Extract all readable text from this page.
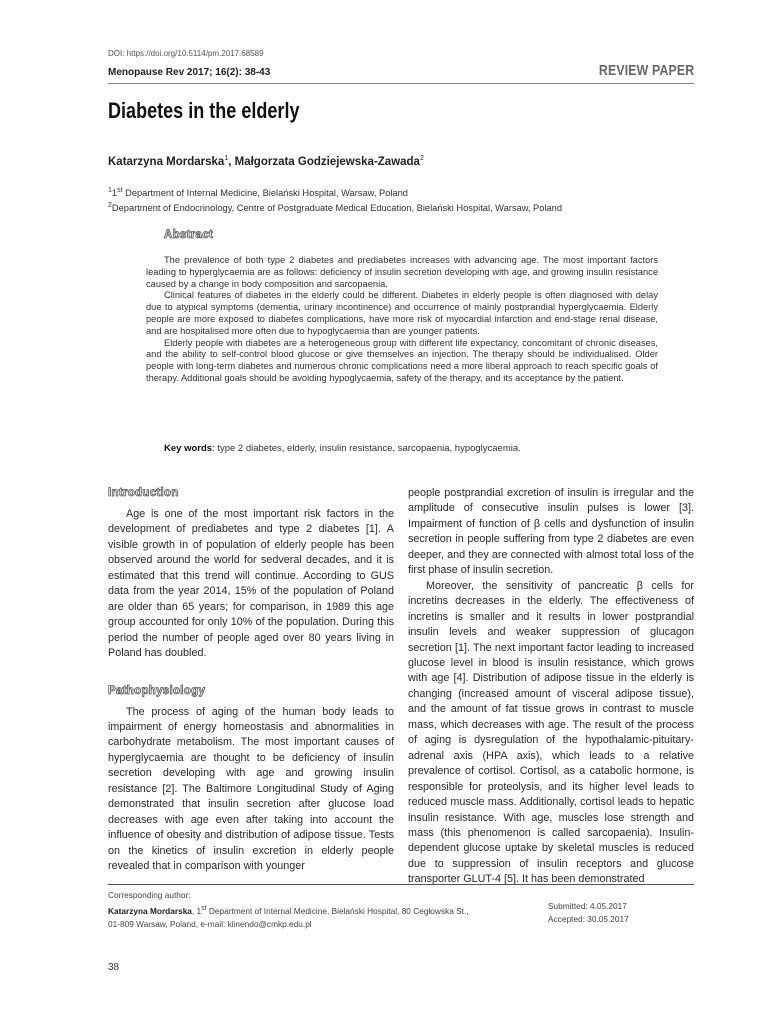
DOI: https://doi.org/10.5114/pm.2017.68589
Menopause Rev 2017; 16(2): 38-43	REVIEW PAPER
Diabetes in the elderly
Katarzyna Mordarska$^1$, Małgorzata Godziejewska-Zawada$^2$
$^1$1st Department of Internal Medicine, Bielański Hospital, Warsaw, Poland
$^2$Department of Endocrinology, Centre of Postgraduate Medical Education, Bielański Hospital, Warsaw, Poland
Abstract

The prevalence of both type 2 diabetes and prediabetes increases with advancing age. The most important factors leading to hyperglycaemia are as follows: deficiency of insulin secretion developing with age, and growing insulin resistance caused by a change in body composition and sarcopaenia.

Clinical features of diabetes in the elderly could be different. Diabetes in elderly people is often diagnosed with delay due to atypical symptoms (dementia, urinary incontinence) and occurrence of mainly postprandial hyperglycaemia. Elderly people are more exposed to diabetes complications, have more risk of myocardial infarction and end-stage renal disease, and are hospitalised more often due to hypoglycaemia than are younger patients.

Elderly people with diabetes are a heterogeneous group with different life expectancy, concomitant of chronic diseases, and the ability to self-control blood glucose or give themselves an injection. The therapy should be individualised. Older people with long-term diabetes and numerous chronic complications need a more liberal approach to reach specific goals of therapy. Additional goals should be avoiding hypoglycaemia, safety of the therapy, and its acceptance by the patient.

Key words: type 2 diabetes, elderly, insulin resistance, sarcopaenia, hypoglycaemia.
Introduction

Age is one of the most important risk factors in the development of prediabetes and type 2 diabetes [1]. A visible growth in of population of elderly people has been observed around the world for sedveral decades, and it is estimated that this trend will continue. According to GUS data from the year 2014, 15% of the population of Poland are older than 65 years; for comparison, in 1989 this age group accounted for only 10% of the population. During this period the number of people aged over 80 years living in Poland has doubled.

Pathophysiology

The process of aging of the human body leads to impairment of energy homeostasis and abnormalities in carbohydrate metabolism. The most important causes of hyperglycaemia are thought to be deficiency of insulin secretion developing with age and growing insulin resistance [2]. The Baltimore Longitudinal Study of Aging demonstrated that insulin secretion after glucose load decreases with age even after taking into account the influence of obesity and distribution of adipose tissue. Tests on the kinetics of insulin excretion in elderly people revealed that in comparison with younger

people postprandial excretion of insulin is irregular and the amplitude of consecutive insulin pulses is lower [3]. Impairment of function of β cells and dysfunction of insulin secretion in people suffering from type 2 diabetes are even deeper, and they are connected with almost total loss of the first phase of insulin secretion.

Moreover, the sensitivity of pancreatic β cells for incretins decreases in the elderly. The effectiveness of incretins is smaller and it results in lower postprandial insulin levels and weaker suppression of glucagon secretion [1]. The next important factor leading to increased glucose level in blood is insulin resistance, which grows with age [4]. Distribution of adipose tissue in the elderly is changing (increased amount of visceral adipose tissue), and the amount of fat tissue grows in contrast to muscle mass, which decreases with age. The result of the process of aging is dysregulation of the hypothalamic-pituitary-adrenal axis (HPA axis), which leads to a relative prevalence of cortisol. Cortisol, as a catabolic hormone, is responsible for proteolysis, and its higher level leads to reduced muscle mass. Additionally, cortisol leads to hepatic insulin resistance. With age, muscles lose strength and mass (this phenomenon is called sarcopaenia). Insulin-dependent glucose uptake by skeletal muscles is reduced due to suppression of insulin receptors and glucose transporter GLUT-4 [5]. It has been demonstrated

Corresponding author:
Katarzyna Mordarska, 1st Department of Internal Medicine, Bielański Hospital, 80 Cegłowska St.,
01-809 Warsaw, Poland, e-mail: klinendo@cmkp.edu.pl
Submitted: 4.05.2017
Accepted: 30.05.2017
38
